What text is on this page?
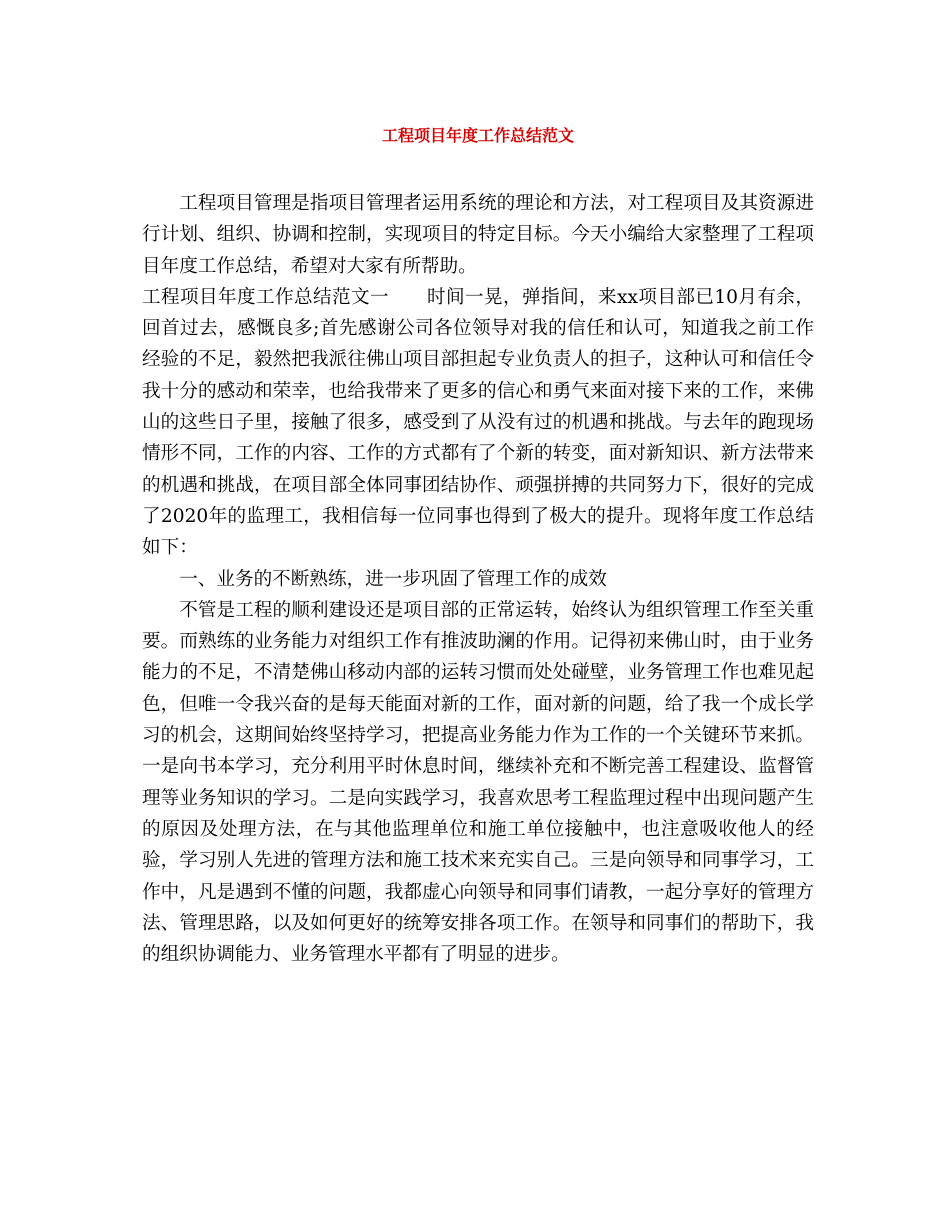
工程项目年度工作总结范文

工程项目管理是指项目管理者运用系统的理论和方法，对工程项目及其资源进行计划、组织、协调和控制，实现项目的特定目标。今天小编给大家整理了工程项目年度工作总结，希望对大家有所帮助。

工程项目年度工作总结范文一　　时间一晃，弹指间，来xx项目部已10月有余，回首过去，感慨良多;首先感谢公司各位领导对我的信任和认可，知道我之前工作经验的不足，毅然把我派往佛山项目部担起专业负责人的担子，这种认可和信任令我十分的感动和荣幸，也给我带来了更多的信心和勇气来面对接下来的工作，来佛山的这些日子里，接触了很多，感受到了从没有过的机遇和挑战。与去年的跑现场情形不同，工作的内容、工作的方式都有了个新的转变，面对新知识、新方法带来的机遇和挑战，在项目部全体同事团结协作、顽强拼搏的共同努力下，很好的完成了2020年的监理工，我相信每一位同事也得到了极大的提升。现将年度工作总结如下：

一、业务的不断熟练，进一步巩固了管理工作的成效

不管是工程的顺利建设还是项目部的正常运转，始终认为组织管理工作至关重要。而熟练的业务能力对组织工作有推波助澜的作用。记得初来佛山时，由于业务能力的不足，不清楚佛山移动内部的运转习惯而处处碰壁，业务管理工作也难见起色，但唯一令我兴奋的是每天能面对新的工作，面对新的问题，给了我一个成长学习的机会，这期间始终坚持学习，把提高业务能力作为工作的一个关键环节来抓。一是向书本学习，充分利用平时休息时间，继续补充和不断完善工程建设、监督管理等业务知识的学习。二是向实践学习，我喜欢思考工程监理过程中出现问题产生的原因及处理方法，在与其他监理单位和施工单位接触中，也注意吸收他人的经验，学习别人先进的管理方法和施工技术来充实自己。三是向领导和同事学习，工作中，凡是遇到不懂的问题，我都虚心向领导和同事们请教，一起分享好的管理方法、管理思路，以及如何更好的统筹安排各项工作。在领导和同事们的帮助下，我的组织协调能力、业务管理水平都有了明显的进步。
